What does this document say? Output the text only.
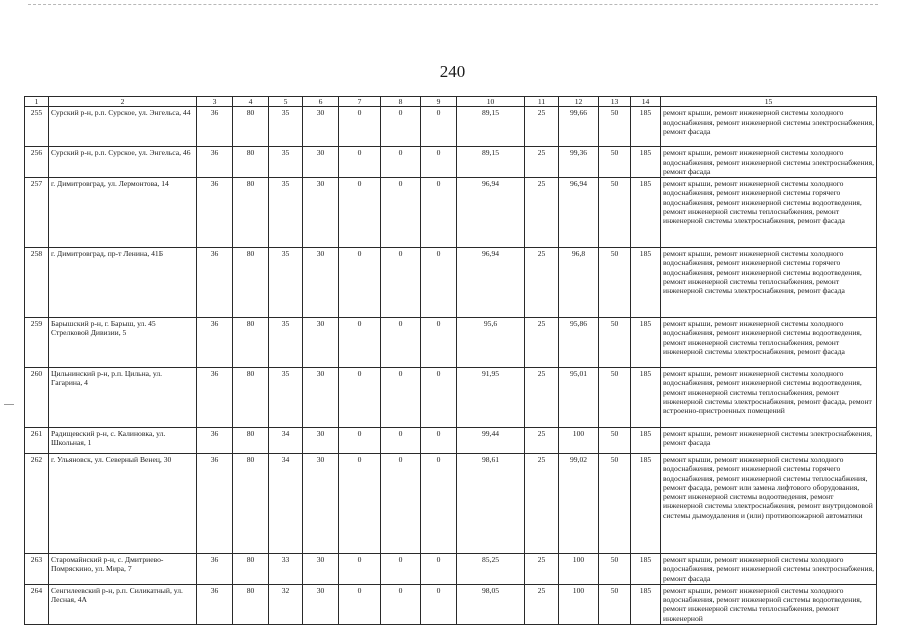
240
1	2	3	4	5	6	7	8	9	10	11	12	13	14	15
255	Сурский р-н, р.п. Сурское, ул. Энгельса, 44	36	80	35	30	0	0	0	89,15	25	99,66	50	185	ремонт крыши, ремонт инженерной системы холодного водоснабжения, ремонт инженерной системы электроснабжения, ремонт фасада
256	Сурский р-н, р.п. Сурское, ул. Энгельса, 46	36	80	35	30	0	0	0	89,15	25	99,36	50	185	ремонт крыши, ремонт инженерной системы холодного водоснабжения, ремонт инженерной системы электроснабжения, ремонт фасада
257	г. Димитровград, ул. Лермонтова, 14	36	80	35	30	0	0	0	96,94	25	96,94	50	185	ремонт крыши, ремонт инженерной системы холодного водоснабжения, ремонт инженерной системы горячего водоснабжения, ремонт инженерной системы водоотведения, ремонт инженерной системы теплоснабжения, ремонт инженерной системы электроснабжения, ремонт фасада
258	г. Димитровград, пр-т Ленина, 41Б	36	80	35	30	0	0	0	96,94	25	96,8	50	185	ремонт крыши, ремонт инженерной системы холодного водоснабжения, ремонт инженерной системы горячего водоснабжения, ремонт инженерной системы водоотведения, ремонт инженерной системы теплоснабжения, ремонт инженерной системы электроснабжения, ремонт фасада
259	Барышский р-н, г. Барыш, ул. 45 Стрелковой Дивизии, 5	36	80	35	30	0	0	0	95,6	25	95,86	50	185	ремонт крыши, ремонт инженерной системы холодного водоснабжения, ремонт инженерной системы водоотведения, ремонт инженерной системы теплоснабжения, ремонт инженерной системы электроснабжения, ремонт фасада
260	Цильнинский р-н, р.п. Цильна, ул. Гагарина, 4	36	80	35	30	0	0	0	91,95	25	95,01	50	185	ремонт крыши, ремонт инженерной системы холодного водоснабжения, ремонт инженерной системы водоотведения, ремонт инженерной системы теплоснабжения, ремонт инженерной системы электроснабжения, ремонт фасада, ремонт встроенно-пристроенных помещений
261	Радищевский р-н, с. Калиновка, ул. Школьная, 1	36	80	34	30	0	0	0	99,44	25	100	50	185	ремонт крыши, ремонт инженерной системы электроснабжения, ремонт фасада
262	г. Ульяновск, ул. Северный Венец, 30	36	80	34	30	0	0	0	98,61	25	99,02	50	185	ремонт крыши, ремонт инженерной системы холодного водоснабжения, ремонт инженерной системы горячего водоснабжения, ремонт инженерной системы теплоснабжения, ремонт фасада, ремонт или замена лифтового оборудования, ремонт инженерной системы водоотведения, ремонт инженерной системы электроснабжения, ремонт внутридомовой системы дымоудаления и (или) противопожарной автоматики
263	Старомайнский р-н, с. Дмитриево-Помряскино, ул. Мира, 7	36	80	33	30	0	0	0	85,25	25	100	50	185	ремонт крыши, ремонт инженерной системы холодного водоснабжения, ремонт инженерной системы электроснабжения, ремонт фасада
264	Сенгилеевский р-н, р.п. Силикатный, ул. Лесная, 4А	36	80	32	30	0	0	0	98,05	25	100	50	185	ремонт крыши, ремонт инженерной системы холодного водоснабжения, ремонт инженерной системы водоотведения, ремонт инженерной системы теплоснабжения, ремонт инженерной
